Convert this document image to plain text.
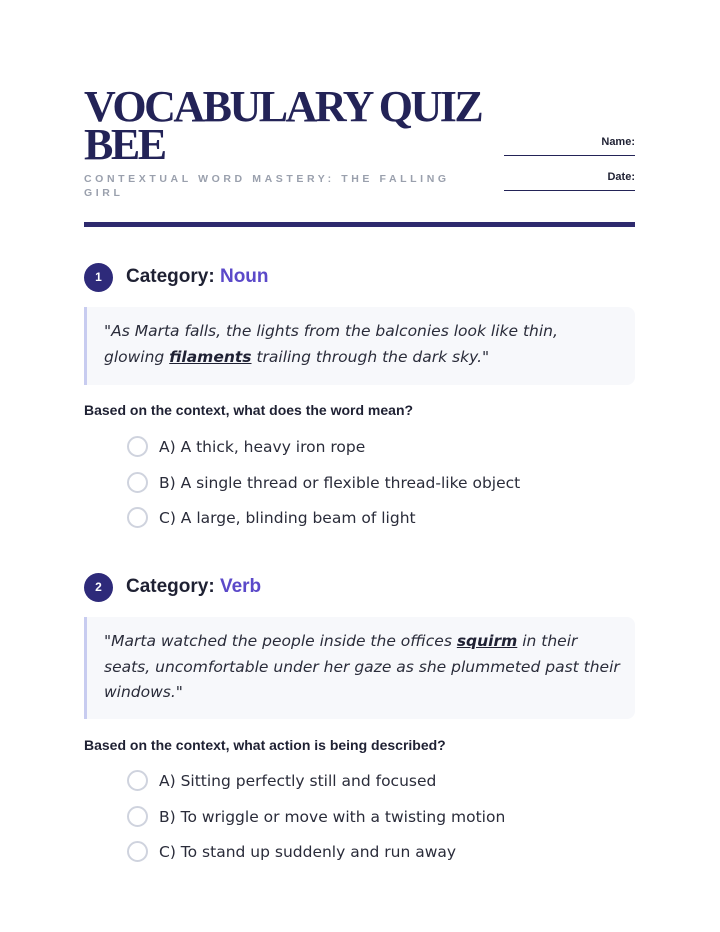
VOCABULARY QUIZ
BEE
CONTEXTUAL WORD MASTERY: THE FALLING GIRL
Name:
Date:
1	Category: Noun
"As Marta falls, the lights from the balconies look like thin, glowing filaments trailing through the dark sky."
Based on the context, what does the word mean?
A) A thick, heavy iron rope
B) A single thread or flexible thread-like object
C) A large, blinding beam of light
2	Category: Verb
"Marta watched the people inside the offices squirm in their seats, uncomfortable under her gaze as she plummeted past their windows."
Based on the context, what action is being described?
A) Sitting perfectly still and focused
B) To wriggle or move with a twisting motion
C) To stand up suddenly and run away
